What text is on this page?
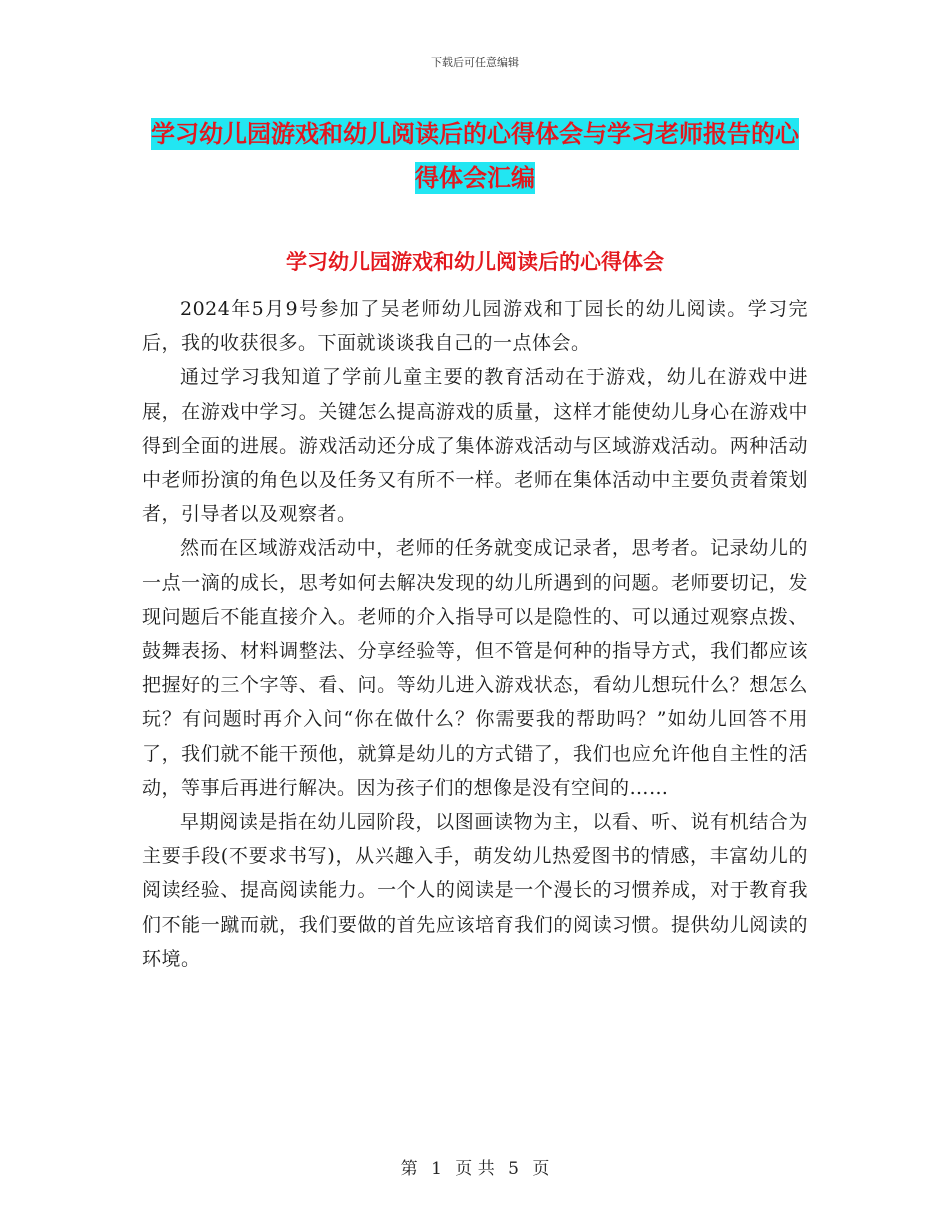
下载后可任意编辑
学习幼儿园游戏和幼儿阅读后的心得体会与学习老师报告的心得体会汇编
学习幼儿园游戏和幼儿阅读后的心得体会

2024年5月9号参加了吴老师幼儿园游戏和丁园长的幼儿阅读。学习完后，我的收获很多。下面就谈谈我自己的一点体会。

通过学习我知道了学前儿童主要的教育活动在于游戏，幼儿在游戏中进展，在游戏中学习。关键怎么提高游戏的质量，这样才能使幼儿身心在游戏中得到全面的进展。游戏活动还分成了集体游戏活动与区域游戏活动。两种活动中老师扮演的角色以及任务又有所不一样。老师在集体活动中主要负责着策划者，引导者以及观察者。

然而在区域游戏活动中，老师的任务就变成记录者，思考者。记录幼儿的一点一滴的成长，思考如何去解决发现的幼儿所遇到的问题。老师要切记，发现问题后不能直接介入。老师的介入指导可以是隐性的、可以通过观察点拨、鼓舞表扬、材料调整法、分享经验等，但不管是何种的指导方式，我们都应该把握好的三个字等、看、问。等幼儿进入游戏状态，看幼儿想玩什么？想怎么玩？有问题时再介入问“你在做什么？你需要我的帮助吗？”如幼儿回答不用了，我们就不能干预他，就算是幼儿的方式错了，我们也应允许他自主性的活动，等事后再进行解决。因为孩子们的想像是没有空间的……

早期阅读是指在幼儿园阶段，以图画读物为主，以看、听、说有机结合为主要手段(不要求书写)，从兴趣入手，萌发幼儿热爱图书的情感，丰富幼儿的阅读经验、提高阅读能力。一个人的阅读是一个漫长的习惯养成，对于教育我们不能一蹴而就，我们要做的首先应该培育我们的阅读习惯。提供幼儿阅读的环境。

第 1 页 共 5 页
